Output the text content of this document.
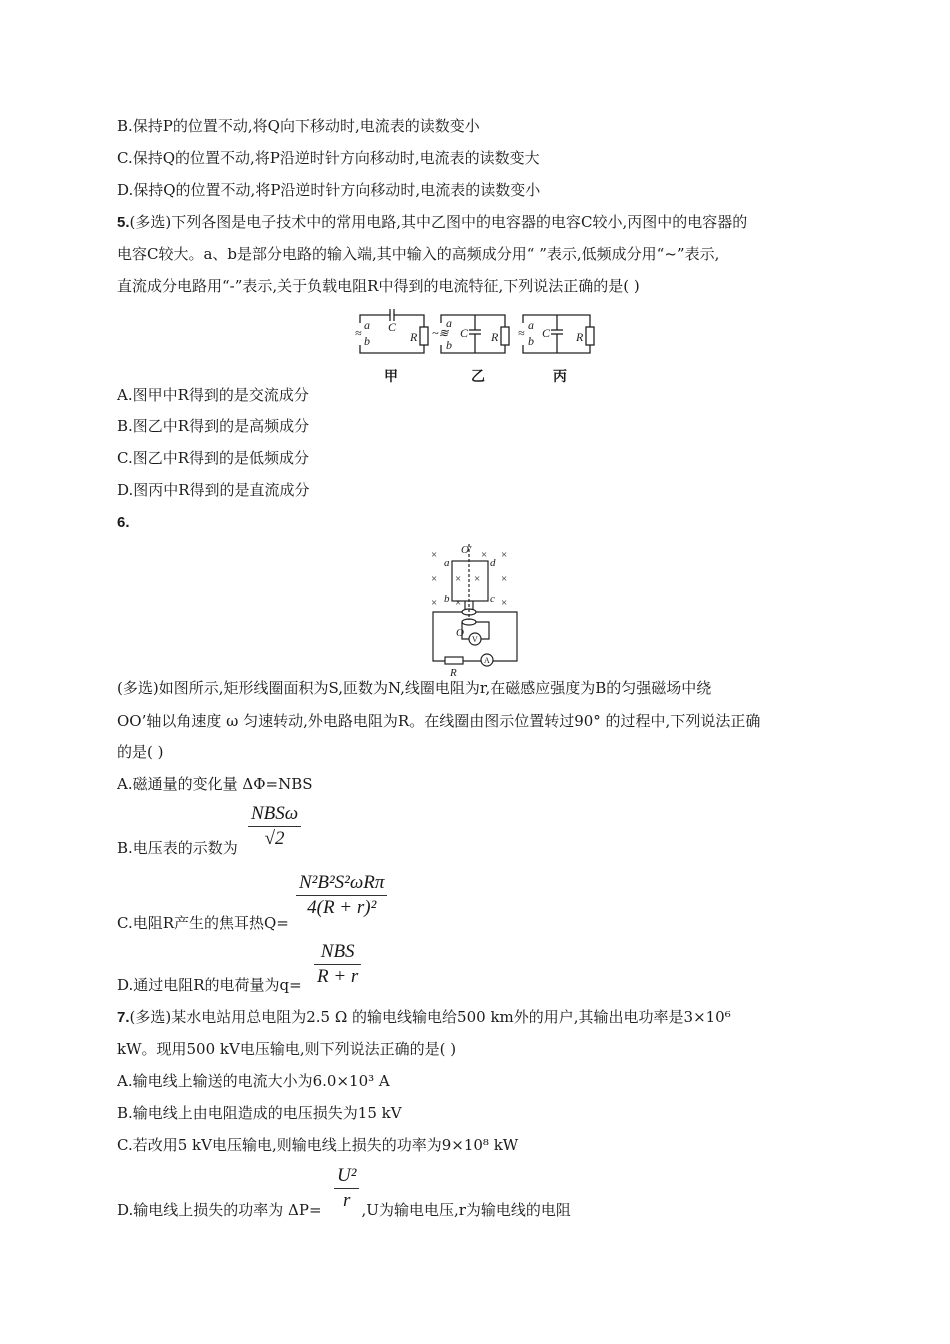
B.保持P的位置不动,将Q向下移动时,电流表的读数变小
C.保持Q的位置不动,将P沿逆时针方向移动时,电流表的读数变大
D.保持Q的位置不动,将P沿逆时针方向移动时,电流表的读数变小
5.(多选)下列各图是电子技术中的常用电路,其中乙图中的电容器的电容C较小,丙图中的电容器的
电容C较大。a、b是部分电路的输入端,其中输入的高频成分用“ ”表示,低频成分用“~”表示,
直流成分电路用“-”表示,关于负载电阻R中得到的电流特征,下列说法正确的是( )
≈
a
b
C
R ~≋
a
b
C R ≈
a
b
C R
甲	乙	丙
A.图甲中R得到的是交流成分
B.图乙中R得到的是高频成分
C.图乙中R得到的是低频成分
D.图丙中R得到的是直流成分
6.
×	× ×
× × × ×
× ×	×
O′
a	d
b	c
O
R
V
A
(多选)如图所示,矩形线圈面积为S,匝数为N,线圈电阻为r,在磁感应强度为B的匀强磁场中绕
OO’轴以角速度 ω 匀速转动,外电路电阻为R。在线圈由图示位置转过90° 的过程中,下列说法正确
的是( )
A.磁通量的变化量 ΔΦ=NBS
B.电压表的示数为
NBSω
√2
C.电阻R产生的焦耳热Q=
N²B²S²ωRπ
4(R + r)²
D.通过电阻R的电荷量为q=
NBS
R + r
7.(多选)某水电站用总电阻为2.5 Ω 的输电线输电给500 km外的用户,其输出电功率是3×10⁶
kW。现用500 kV电压输电,则下列说法正确的是( )
A.输电线上输送的电流大小为6.0×10³ A
B.输电线上由电阻造成的电压损失为15 kV
C.若改用5 kV电压输电,则输电线上损失的功率为9×10⁸ kW
D.输电线上损失的功率为 ΔP=	,U为输电电压,r为输电线的电阻
U²
r
